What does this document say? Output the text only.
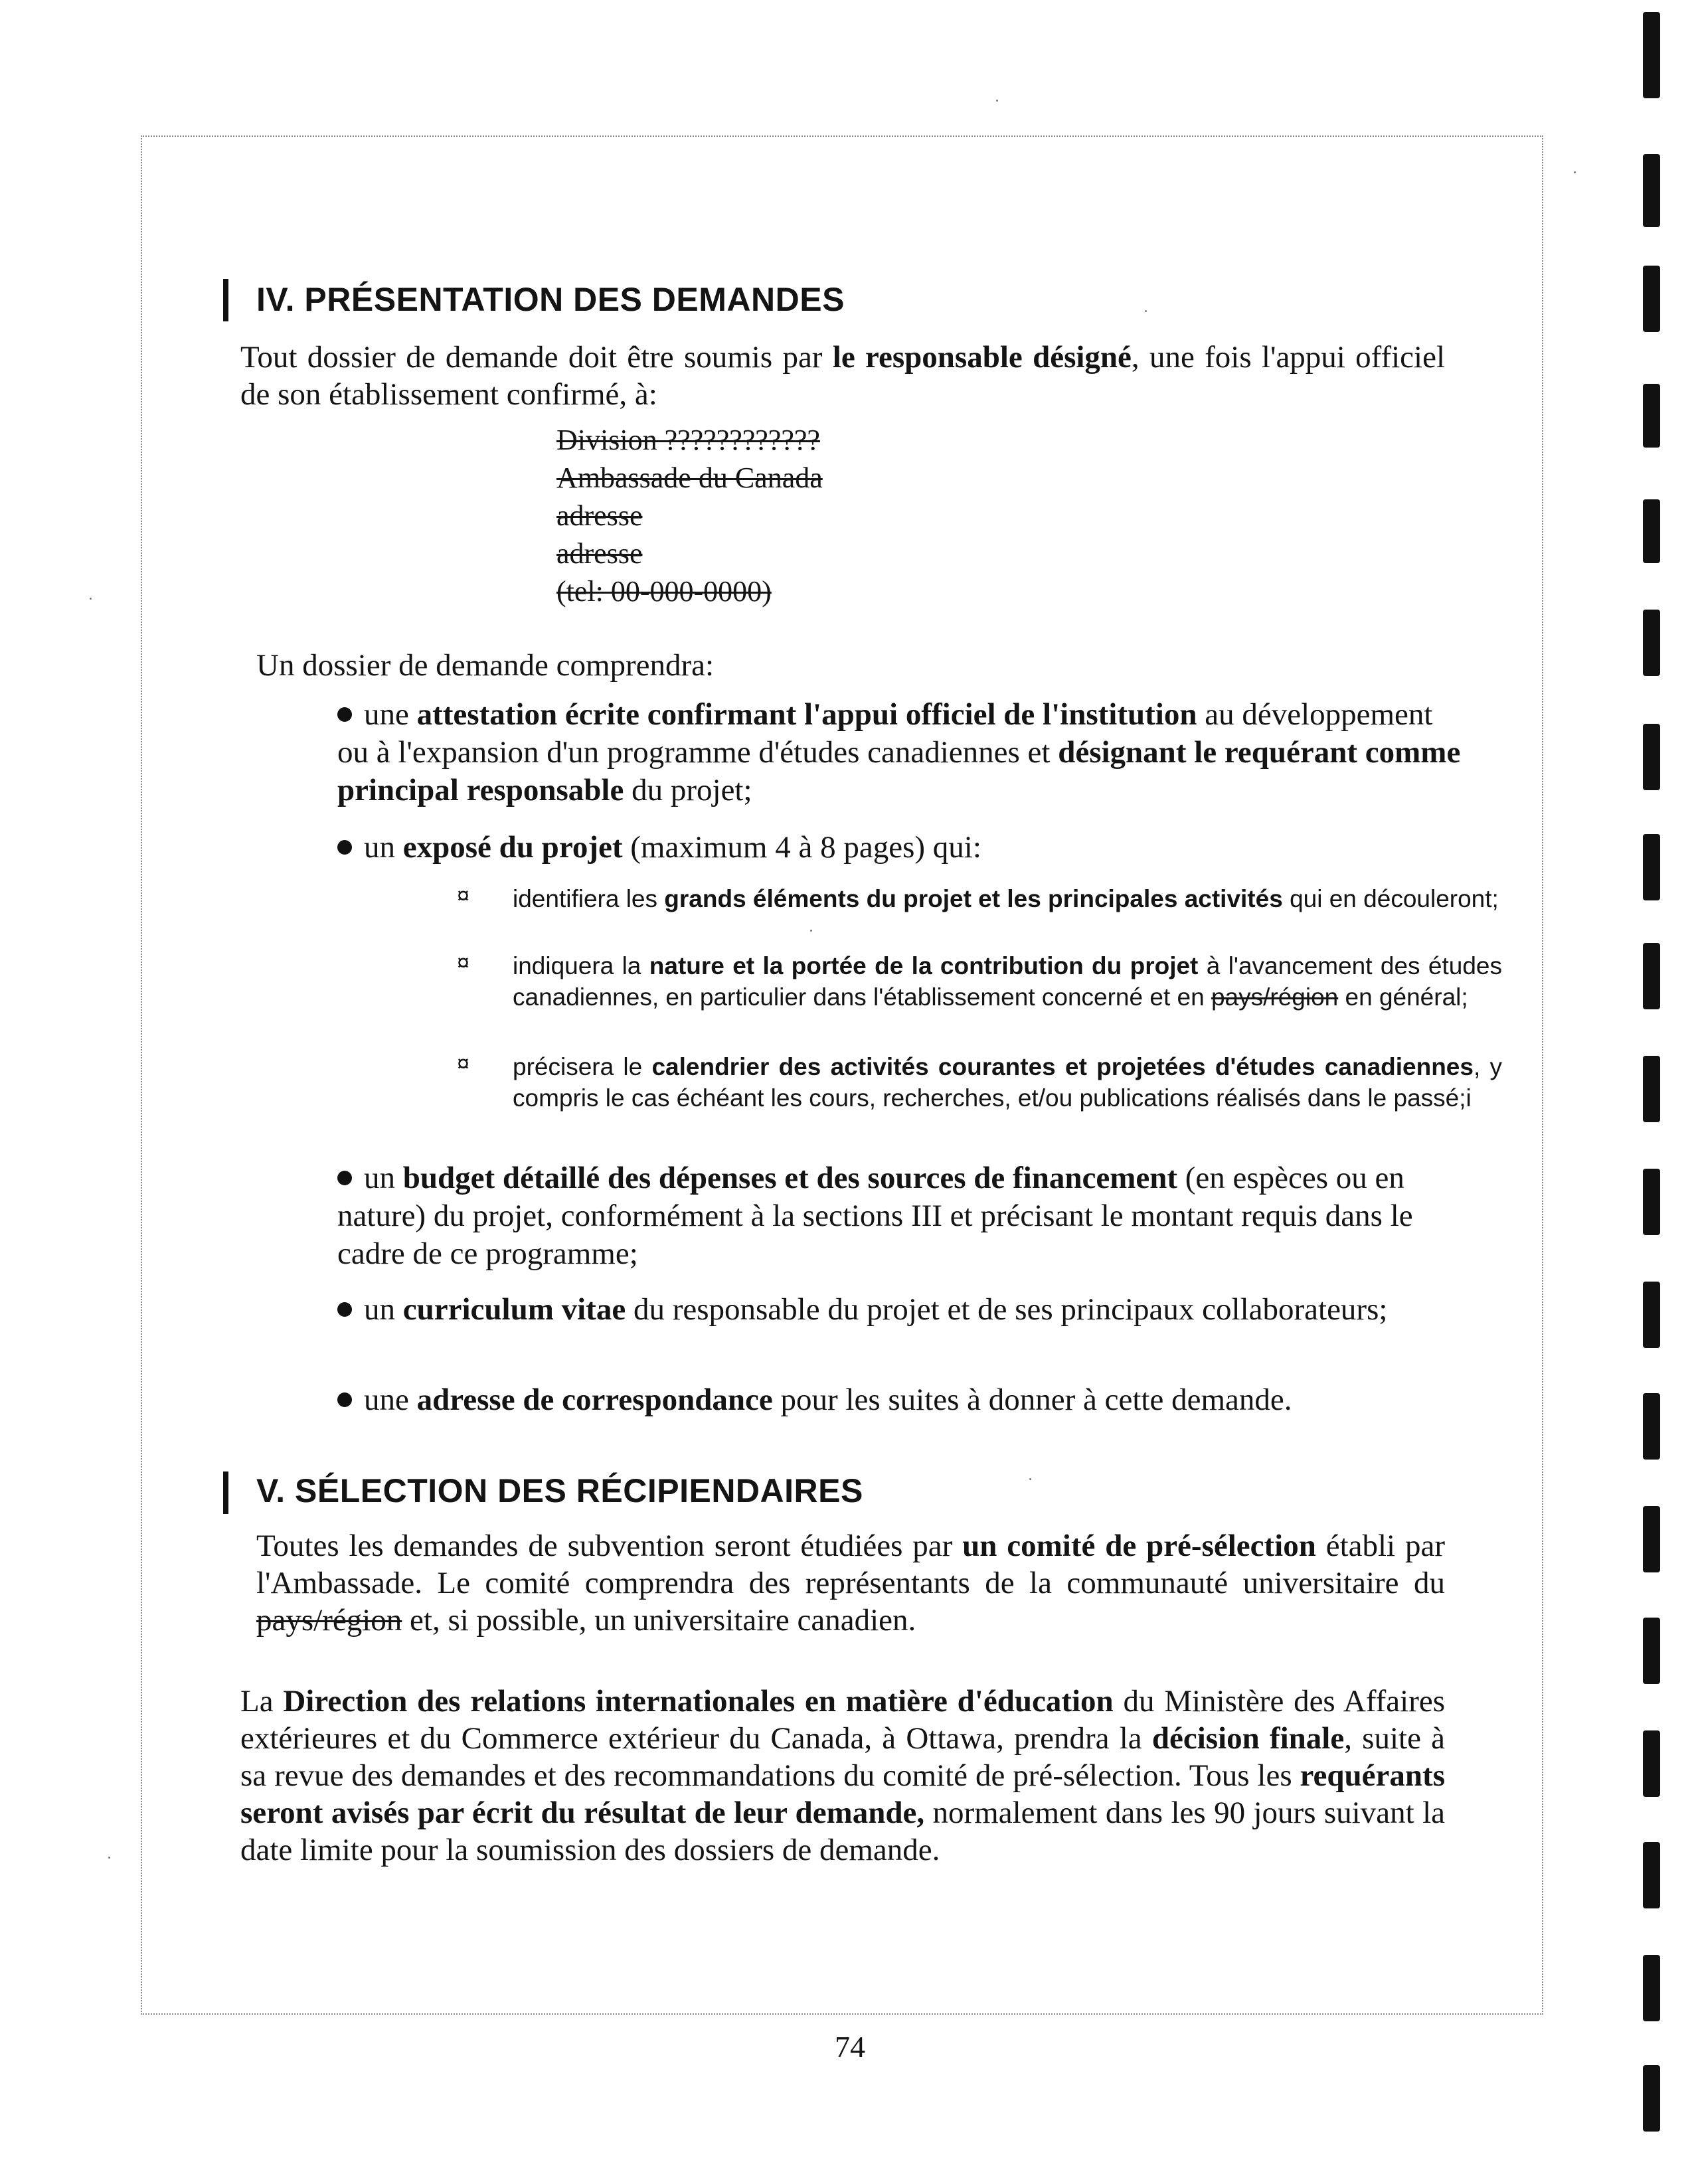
IV. PRÉSENTATION DES DEMANDES
Tout dossier de demande doit être soumis par le responsable désigné, une fois l'appui officiel de son établissement confirmé, à:
Division ????????????
Ambassade du Canada
adresse
adresse
(tel: 00-000-0000)
Un dossier de demande comprendra:
une attestation écrite confirmant l'appui officiel de l'institution au développement ou à l'expansion d'un programme d'études canadiennes et désignant le requérant comme principal responsable du projet;
un exposé du projet (maximum 4 à 8 pages) qui:
¤ identifiera les grands éléments du projet et les principales activités qui en découleront;
¤ indiquera la nature et la portée de la contribution du projet à l'avancement des études canadiennes, en particulier dans l'établissement concerné et en pays/région en général;
¤ précisera le calendrier des activités courantes et projetées d'études canadiennes, y compris le cas échéant les cours, recherches, et/ou publications réalisés dans le passé;i
un budget détaillé des dépenses et des sources de financement (en espèces ou en nature) du projet, conformément à la sections III et précisant le montant requis dans le cadre de ce programme;
un curriculum vitae du responsable du projet et de ses principaux collaborateurs;
une adresse de correspondance pour les suites à donner à cette demande.
V. SÉLECTION DES RÉCIPIENDAIRES
Toutes les demandes de subvention seront étudiées par un comité de pré-sélection établi par l'Ambassade. Le comité comprendra des représentants de la communauté universitaire du pays/région et, si possible, un universitaire canadien.
La Direction des relations internationales en matière d'éducation du Ministère des Affaires extérieures et du Commerce extérieur du Canada, à Ottawa, prendra la décision finale, suite à sa revue des demandes et des recommandations du comité de pré-sélection. Tous les requérants seront avisés par écrit du résultat de leur demande, normalement dans les 90 jours suivant la date limite pour la soumission des dossiers de demande.
74
